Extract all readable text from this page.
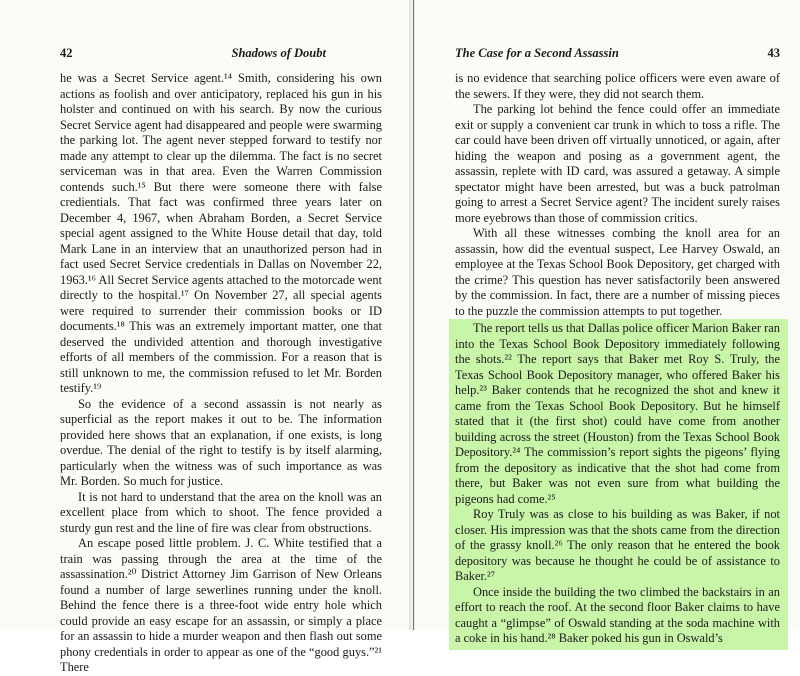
42	Shadows of Doubt

he was a Secret Service agent.¹⁴ Smith, considering his own actions as foolish and over anticipatory, replaced his gun in his holster and continued on with his search. By now the curious Secret Service agent had disappeared and people were swarming the parking lot. The agent never stepped forward to testify nor made any attempt to clear up the dilemma. The fact is no secret serviceman was in that area. Even the Warren Commission contends such.¹⁵ But there were someone there with false credientials. That fact was confirmed three years later on December 4, 1967, when Abraham Borden, a Secret Service special agent assigned to the White House detail that day, told Mark Lane in an interview that an unauthorized person had in fact used Secret Service credentials in Dallas on November 22, 1963.¹⁶ All Secret Service agents attached to the motorcade went directly to the hospital.¹⁷ On November 27, all special agents were required to surrender their commission books or ID documents.¹⁸ This was an extremely important matter, one that deserved the undivided attention and thorough investigative efforts of all members of the commission. For a reason that is still unknown to me, the commission refused to let Mr. Borden testify.¹⁹

So the evidence of a second assassin is not nearly as superficial as the report makes it out to be. The information provided here shows that an explanation, if one exists, is long overdue. The denial of the right to testify is by itself alarming, particularly when the witness was of such importance as was Mr. Borden. So much for justice.

It is not hard to understand that the area on the knoll was an excellent place from which to shoot. The fence provided a sturdy gun rest and the line of fire was clear from obstructions.

An escape posed little problem. J. C. White testified that a train was passing through the area at the time of the assassination.²⁰ District Attorney Jim Garrison of New Orleans found a number of large sewerlines running under the knoll. Behind the fence there is a three-foot wide entry hole which could provide an easy escape for an assassin, or simply a place for an assassin to hide a murder weapon and then flash out some phony credentials in order to appear as one of the “good guys.”²¹ There

The Case for a Second Assassin	43

is no evidence that searching police officers were even aware of the sewers. If they were, they did not search them.

The parking lot behind the fence could offer an immediate exit or supply a convenient car trunk in which to toss a rifle. The car could have been driven off virtually unnoticed, or again, after hiding the weapon and posing as a government agent, the assassin, replete with ID card, was assured a getaway. A simple spectator might have been arrested, but was a buck patrolman going to arrest a Secret Service agent? The incident surely raises more eyebrows than those of commission critics.

With all these witnesses combing the knoll area for an assassin, how did the eventual suspect, Lee Harvey Oswald, an employee at the Texas School Book Depository, get charged with the crime? This question has never satisfactorily been answered by the commission. In fact, there are a number of missing pieces to the puzzle the commission attempts to put together.

The report tells us that Dallas police officer Marion Baker ran into the Texas School Book Depository immediately following the shots.²² The report says that Baker met Roy S. Truly, the Texas School Book Depository manager, who offered Baker his help.²³ Baker contends that he recognized the shot and knew it came from the Texas School Book Depository. But he himself stated that it (the first shot) could have come from another building across the street (Houston) from the Texas School Book Depository.²⁴ The commission’s report sights the pigeons’ flying from the depository as indicative that the shot had come from there, but Baker was not even sure from what building the pigeons had come.²⁵

Roy Truly was as close to his building as was Baker, if not closer. His impression was that the shots came from the direction of the grassy knoll.²⁶ The only reason that he entered the book depository was because he thought he could be of assistance to Baker.²⁷

Once inside the building the two climbed the backstairs in an effort to reach the roof. At the second floor Baker claims to have caught a “glimpse” of Oswald standing at the soda machine with a coke in his hand.²⁸ Baker poked his gun in Oswald’s
